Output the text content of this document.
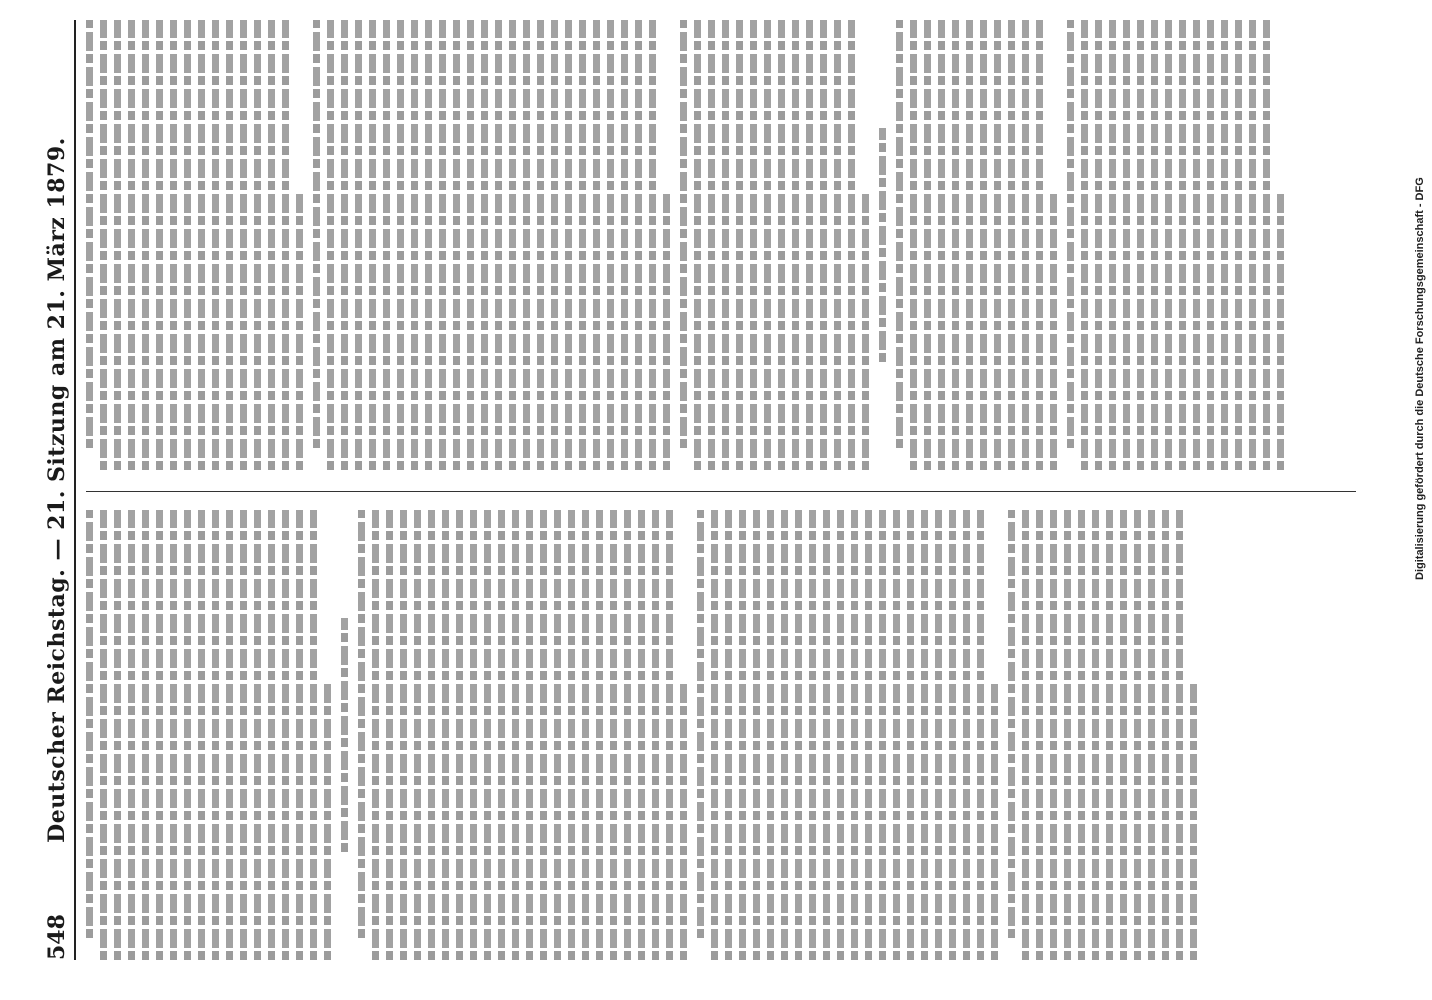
548
Deutscher Reichstag. — 21. Sitzung am 21. März 1879.	Digitalisierung gefördert durch die Deutsche Forschungsgemeinschaft - DFG
